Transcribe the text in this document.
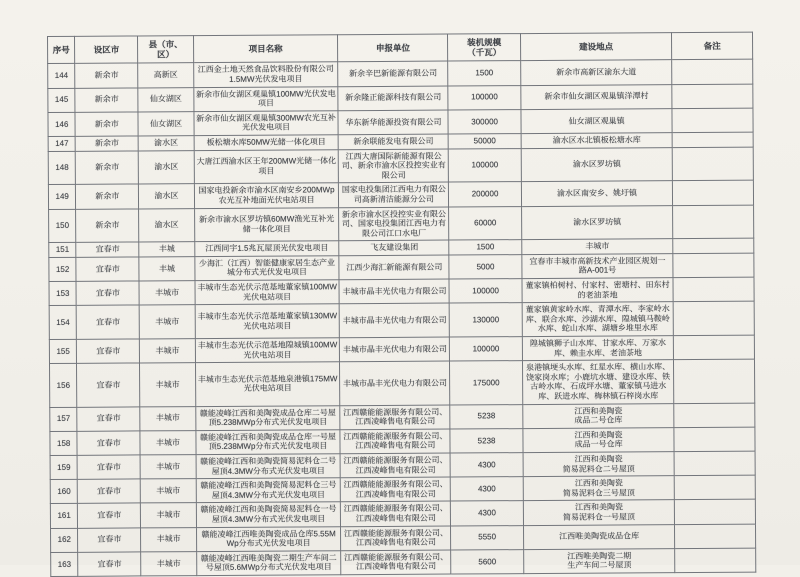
序号	设区市	县（市、
区）	项目名称	申报单位	装机规模
（千瓦）	建设地点	备注
144	新余市	高新区	江西金土地天然食品饮料股份有限公司1.5MW光伏发电项目	新余辛巴新能源有限公司	1500	新余市高新区渝东大道	
145	新余市	仙女湖区	新余市仙女湖区观巢镇100MW光伏发电项目	新余隆正能源科技有限公司	100000	新余市仙女湖区观巢镇洋潭村	
146	新余市	仙女湖区	新余市仙女湖区观巢镇300MW农光互补光伏发电项目	华东新华能源投资有限公司	300000	仙女湖区观巢镇	
147	新余市	渝水区	板松塘水库50MW光储一体化项目	新余联能发电有限公司	50000	渝水区水北镇板松塘水库	
148	新余市	渝水区	大唐江西渝水区王年200MW光储一体化项目	江西大唐国际新能源有限公司、新余市渝水区投控实业有限公司	100000	渝水区罗坊镇	
149	新余市	渝水区	国家电投新余市渝水区南安乡200MWp农光互补地面光伏电站项目	国家电投集团江西电力有限公司高新清洁能源分公司	200000	渝水区南安乡、姚圩镇	
150	新余市	渝水区	新余市渝水区罗坊镇60MW渔光互补光储一体化项目	新余市渝水区投控实业有限公司、国家电投集团江西电力有限公司江口水电厂	60000	渝水区罗坊镇	
151	宜春市	丰城	江西同宇1.5兆瓦屋顶光伏发电项目	飞友建设集团	1500	丰城市	
152	宜春市	丰城	少海汇（江西）智能健康家居生态产业城分布式光伏发电项目	江西少海汇新能源有限公司	5000	宜春市丰城市高新技术产业园区规划一
路A-001号	
153	宜春市	丰城市	丰城市生态光伏示范基地董家镇100MW光伏电站项目	丰城市晶丰光伏电力有限公司	100000	董家镇柏树村、付家村、密塘村、田东村的老油茶地	
154	宜春市	丰城市	丰城市生态光伏示范基地董家镇130MW光伏电站项目	丰城市晶丰光伏电力有限公司	130000	董家镇黄家岭水库、青潭水库、李家岭水库、联合水库、沙湖水库、隍城镇马鞍岭水库、蛇山水库、湖塘乡堆里水库	
155	宜春市	丰城市	丰城市生态光伏示范基地隍城镇100MW光伏电站项目	丰城市晶丰光伏电力有限公司	100000	隍城镇狮子山水库、甘家水库、万家水库、赖圭水库、老油茶地	
156	宜春市	丰城市	丰城市生态光伏示范基地泉港镇175MW光伏电站项目	丰城市晶丰光伏电力有限公司	175000	泉港镇埂头水库、红星水库、横山水库、饶家岗水库；小鹿坑水塘、建设水库、铁古岭水库、石成坪水塘、董家镇马进水库、跃进水库、梅林镇石梓岗水库	
157	宜春市	丰城市	赣能凌峰江西和美陶瓷成品仓库二号屋顶5.238MWp分布式光伏发电项目	江西赣能能源服务有限公司、江西凌峰售电有限公司	5238	江西和美陶瓷
成品二号仓库	
158	宜春市	丰城市	赣能凌峰江西和美陶瓷成品仓库一号屋顶5.238MWp分布式光伏发电项目	江西赣能能源服务有限公司、江西凌峰售电有限公司	5238	江西和美陶瓷
成品一号仓库	
159	宜春市	丰城市	赣能凌峰江西和美陶瓷简易泥料仓二号屋顶4.3MW分布式光伏发电项目	江西赣能能源服务有限公司、江西凌峰售电有限公司	4300	江西和美陶瓷
简易泥料仓二号屋顶	
160	宜春市	丰城市	赣能凌峰江西和美陶瓷简易泥料仓三号屋顶4.3MW分布式光伏发电项目	江西赣能能源服务有限公司、江西凌峰售电有限公司	4300	江西和美陶瓷
简易泥料仓三号屋顶	
161	宜春市	丰城市	赣能凌峰江西和美陶瓷简易泥料仓一号屋顶4.3MW分布式光伏发电项目	江西赣能能源服务有限公司、江西凌峰售电有限公司	4300	江西和美陶瓷
简易泥料仓一号屋顶	
162	宜春市	丰城市	赣能凌峰江西唯美陶瓷成品仓库5.55MWp分布式光伏发电项目	江西赣能能源服务有限公司、江西凌峰售电有限公司	5550	江西唯美陶瓷成品仓库	
163	宜春市	丰城市	赣能凌峰江西唯美陶瓷二期生产车间二号屋顶5.6MWp分布式光伏发电项目	江西赣能能源服务有限公司、江西凌峰售电有限公司	5600	江西唯美陶瓷二期
生产车间二号屋顶	
